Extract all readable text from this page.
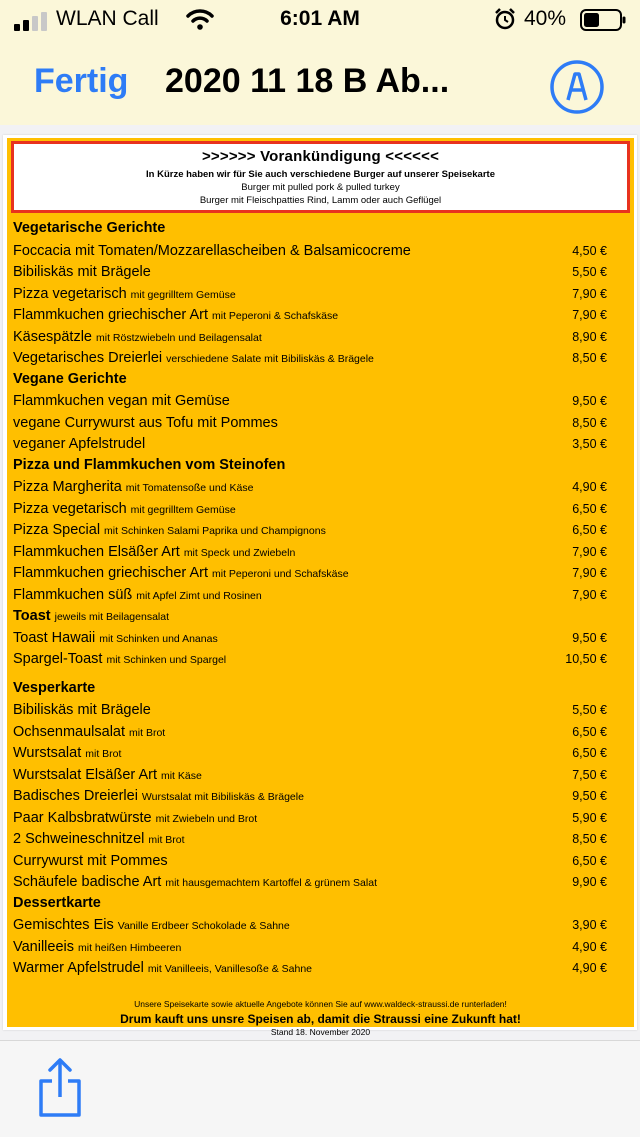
WLAN Call	6:01 AM	40%
Fertig 2020 11 18 B Ab...
>>>>>> Vorankündigung <<<<<<
In Kürze haben wir für Sie auch verschiedene Burger auf unserer Speisekarte
Burger mit pulled pork & pulled turkey
Burger mit Fleischpatties Rind, Lamm oder auch Geflügel
Vegetarische Gerichte
Foccacia mit Tomaten/Mozzarellascheiben & Balsamicocreme	4,50 €
Bibiliskäs mit Brägele	5,50 €
Pizza vegetarisch mit gegrilltem Gemüse	7,90 €
Flammkuchen griechischer Art mit Peperoni & Schafskäse	7,90 €
Käsespätzle mit Röstzwiebeln und Beilagensalat	8,90 €
Vegetarisches Dreierlei verschiedene Salate mit Bibiliskäs & Brägele	8,50 €
Vegane Gerichte
Flammkuchen vegan mit Gemüse	9,50 €
vegane Currywurst aus Tofu mit Pommes	8,50 €
veganer Apfelstrudel	3,50 €
Pizza und Flammkuchen vom Steinofen
Pizza Margherita mit Tomatensoße und Käse	4,90 €
Pizza vegetarisch mit gegrilltem Gemüse	6,50 €
Pizza Special mit Schinken Salami Paprika und Champignons	6,50 €
Flammkuchen Elsäßer Art mit Speck und Zwiebeln	7,90 €
Flammkuchen griechischer Art mit Peperoni und Schafskäse	7,90 €
Flammkuchen süß mit Apfel Zimt und Rosinen	7,90 €
Toast jeweils mit Beilagensalat
Toast Hawaii mit Schinken und Ananas	9,50 €
Spargel-Toast mit Schinken und Spargel	10,50 €
Vesperkarte
Bibiliskäs mit Brägele	5,50 €
Ochsenmaulsalat mit Brot	6,50 €
Wurstsalat mit Brot	6,50 €
Wurstsalat Elsäßer Art mit Käse	7,50 €
Badisches Dreierlei Wurstsalat mit Bibiliskäs & Brägele	9,50 €
Paar Kalbsbratwürste mit Zwiebeln und Brot	5,90 €
2 Schweineschnitzel mit Brot	8,50 €
Currywurst mit Pommes	6,50 €
Schäufele badische Art mit hausgemachtem Kartoffel & grünem Salat	9,90 €
Dessertkarte
Gemischtes Eis Vanille Erdbeer Schokolade & Sahne	3,90 €
Vanilleeis mit heißen Himbeeren	4,90 €
Warmer Apfelstrudel mit Vanilleeis, Vanillesoße & Sahne	4,90 €
Unsere Speisekarte sowie aktuelle Angebote können Sie auf www.waldeck-straussi.de runterladen!
Drum kauft uns unsre Speisen ab, damit die Straussi eine Zukunft hat!
Stand 18. November 2020
